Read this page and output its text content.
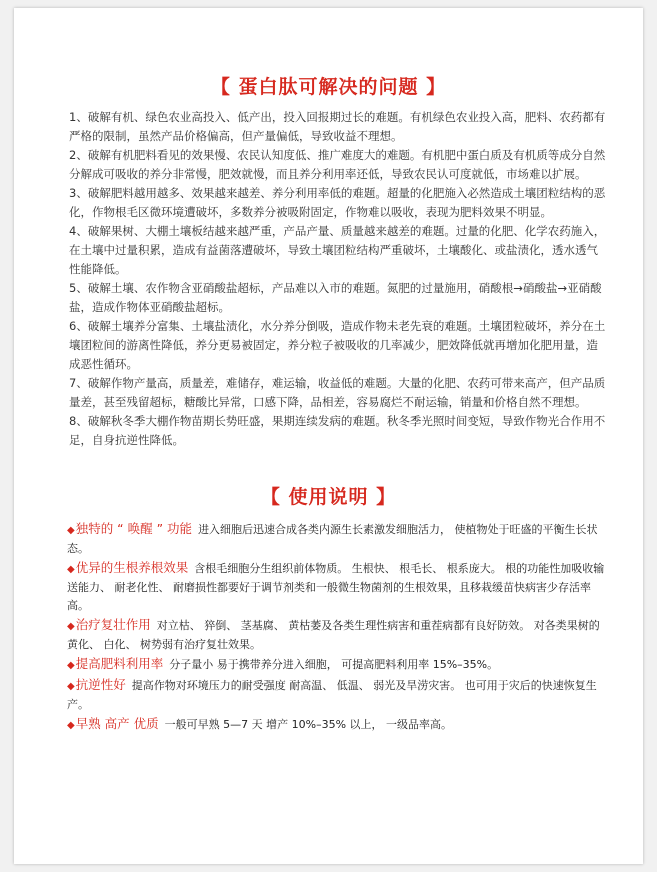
【 蛋白肽可解决的问题 】
1、破解有机、绿色农业高投入、低产出，投入回报期过长的难题。有机绿色农业投入高，肥料、农药都有严格的限制，虽然产品价格偏高，但产量偏低，导致收益不理想。
2、破解有机肥料看见的效果慢、农民认知度低、推广难度大的难题。有机肥中蛋白质及有机质等成分自然分解成可吸收的养分非常慢，肥效就慢，而且养分利用率还低，导致农民认可度就低，市场难以扩展。
3、破解肥料越用越多、效果越来越差、养分利用率低的难题。超量的化肥施入必然造成土壤团粒结构的恶化，作物根毛区微环境遭破坏，多数养分被吸附固定，作物难以吸收，表现为肥料效果不明显。
4、破解果树、大棚土壤板结越来越严重，产品产量、质量越来越差的难题。过量的化肥、化学农药施入，在土壤中过量积累，造成有益菌落遭破坏，导致土壤团粒结构严重破坏，土壤酸化、或盐渍化，透水透气性能降低。
5、破解土壤、农作物含亚硝酸盐超标，产品难以入市的难题。氮肥的过量施用，硝酸根→硝酸盐→亚硝酸盐，造成作物体亚硝酸盐超标。
6、破解土壤养分富集、土壤盐渍化，水分养分倒吸，造成作物未老先衰的难题。土壤团粒破坏，养分在土壤团粒间的游离性降低，养分更易被固定，养分粒子被吸收的几率减少，肥效降低就再增加化肥用量，造成恶性循环。
7、破解作物产量高，质量差，难储存，难运输，收益低的难题。大量的化肥、农药可带来高产，但产品质量差，甚至残留超标，糖酸比异常，口感下降，品相差，容易腐烂不耐运输，销量和价格自然不理想。
8、破解秋冬季大棚作物苗期长势旺盛，果期连续发病的难题。秋冬季光照时间变短，导致作物光合作用不足，自身抗逆性降低。
【 使用说明 】
◆独特的 “ 唤醒 ” 功能 进入细胞后迅速合成各类内源生长素激发细胞活力， 使植物处于旺盛的平衡生长状态。
◆优异的生根养根效果 含根毛细胞分生组织前体物质。 生根快、 根毛长、 根系庞大。 根的功能性加吸收输送能力、 耐老化性、 耐磨损性都要好于调节剂类和一般微生物菌剂的生根效果，且移栽缓苗快病害少存活率高。
◆治疗复壮作用 对立枯、 猝倒、 茎基腐、 黄枯萎及各类生理性病害和重茬病都有良好防效。 对各类果树的黄化、 白化、 树势弱有治疗复壮效果。
◆提高肥料利用率 分子量小 易于携带养分进入细胞， 可提高肥料利用率 15%–35%。
◆抗逆性好 提高作物对环境压力的耐受强度 耐高温、 低温、 弱光及旱涝灾害。 也可用于灾后的快速恢复生产。
◆早熟 高产 优质 一般可早熟 5—7 天 增产 10%–35% 以上， 一级品率高。
